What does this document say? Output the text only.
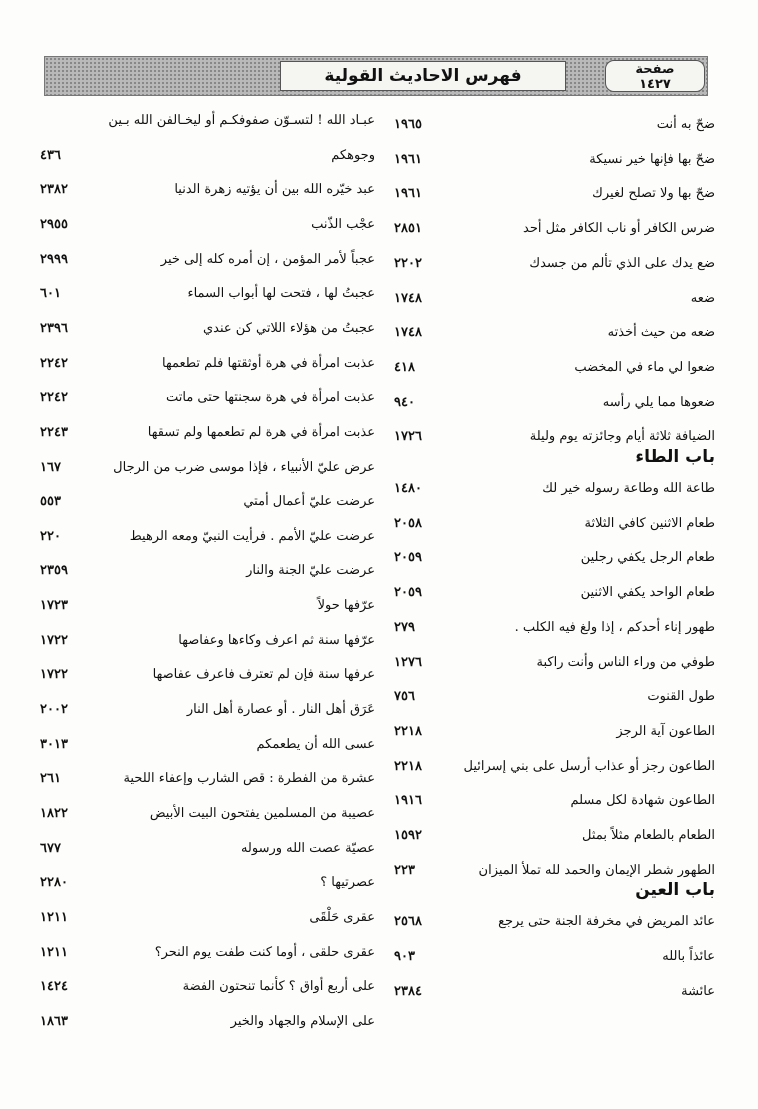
فهرس الاحاديث القولية	صفحة
١٤٢٧
ضحّ به أنت
١٩٦٥
ضحّ بها فإنها خير نسيكة
١٩٦١
ضحّ بها ولا تصلح لغيرك
١٩٦١
ضرس الكافر أو ناب الكافر مثل أحد
٢٨٥١
ضع يدك على الذي تألم من جسدك
٢٢٠٢
ضعه
١٧٤٨
ضعه من حيث أخذته
١٧٤٨
ضعوا لي ماء في المخضب
٤١٨
ضعوها مما يلي رأسه
٩٤٠
الضيافة ثلاثة أيام وجائزته يوم وليلة
١٧٢٦
باب الطاء
طاعة الله وطاعة رسوله خير لك
١٤٨٠
طعام الاثنين كافي الثلاثة
٢٠٥٨
طعام الرجل يكفي رجلين
٢٠٥٩
طعام الواحد يكفي الاثنين
٢٠٥٩
طهور إناء أحدكم ، إذا ولغ فيه الكلب .
٢٧٩
طوفي من وراء الناس وأنت راكبة
١٢٧٦
طول القنوت
٧٥٦
الطاعون آية الرجز
٢٢١٨
الطاعون رجز أو عذاب أرسل على بني إسرائيل
٢٢١٨
الطاعون شهادة لكل مسلم
١٩١٦
الطعام بالطعام مثلاً بمثل
١٥٩٢
الطهور شطر الإيمان والحمد لله تملأ الميزان
٢٢٣
باب العين
عائد المريض في مخرفة الجنة حتى يرجع
٢٥٦٨
عائذاً بالله
٩٠٣
عائشة
٢٣٨٤
عبـاد الله ! لتسـوّن صفوفكـم أو ليخـالفن الله بـين
وجوهكم
٤٣٦
عبد خيّره الله بين أن يؤتيه زهرة الدنيا
٢٣٨٢
عجْب الذّنب
٢٩٥٥
عجباً لأمر المؤمن ، إن أمره كله إلى خير
٢٩٩٩
عجبتُ لها ، فتحت لها أبواب السماء
٦٠١
عجبتُ من هؤلاء اللاتي كن عندي
٢٣٩٦
عذبت امرأة في هرة أوثقتها فلم تطعمها
٢٢٤٢
عذبت امرأة في هرة سجنتها حتى ماتت
٢٢٤٢
عذبت امرأة في هرة لم تطعمها ولم تسقها
٢٢٤٣
عرض عليّ الأنبياء ، فإذا موسى ضرب من الرجال
١٦٧
عرضت عليّ أعمال أمتي
٥٥٣
عرضت عليّ الأمم . فرأيت النبيّ ومعه الرهيط
٢٢٠
عرضت عليّ الجنة والنار
٢٣٥٩
عرّفها حولاً
١٧٢٣
عرّفها سنة ثم اعرف وكاءها وعفاصها
١٧٢٢
عرفها سنة فإن لم تعترف فاعرف عفاصها
١٧٢٢
عَرَق أهل النار . أو عصارة أهل النار
٢٠٠٢
عسى الله أن يطعمكم
٣٠١٣
عشرة من الفطرة : قص الشارب وإعفاء اللحية
٢٦١
عصيبة من المسلمين يفتحون البيت الأبيض
١٨٢٢
عصيّة عصت الله ورسوله
٦٧٧
عصرتيها ؟
٢٢٨٠
عقرى حَلْقَى
١٢١١
عقرى حلقى ، أوما كنت طفت يوم النحر؟
١٢١١
على أربع أواق ؟ كأنما تنحتون الفضة
١٤٢٤
على الإسلام والجهاد والخير
١٨٦٣
